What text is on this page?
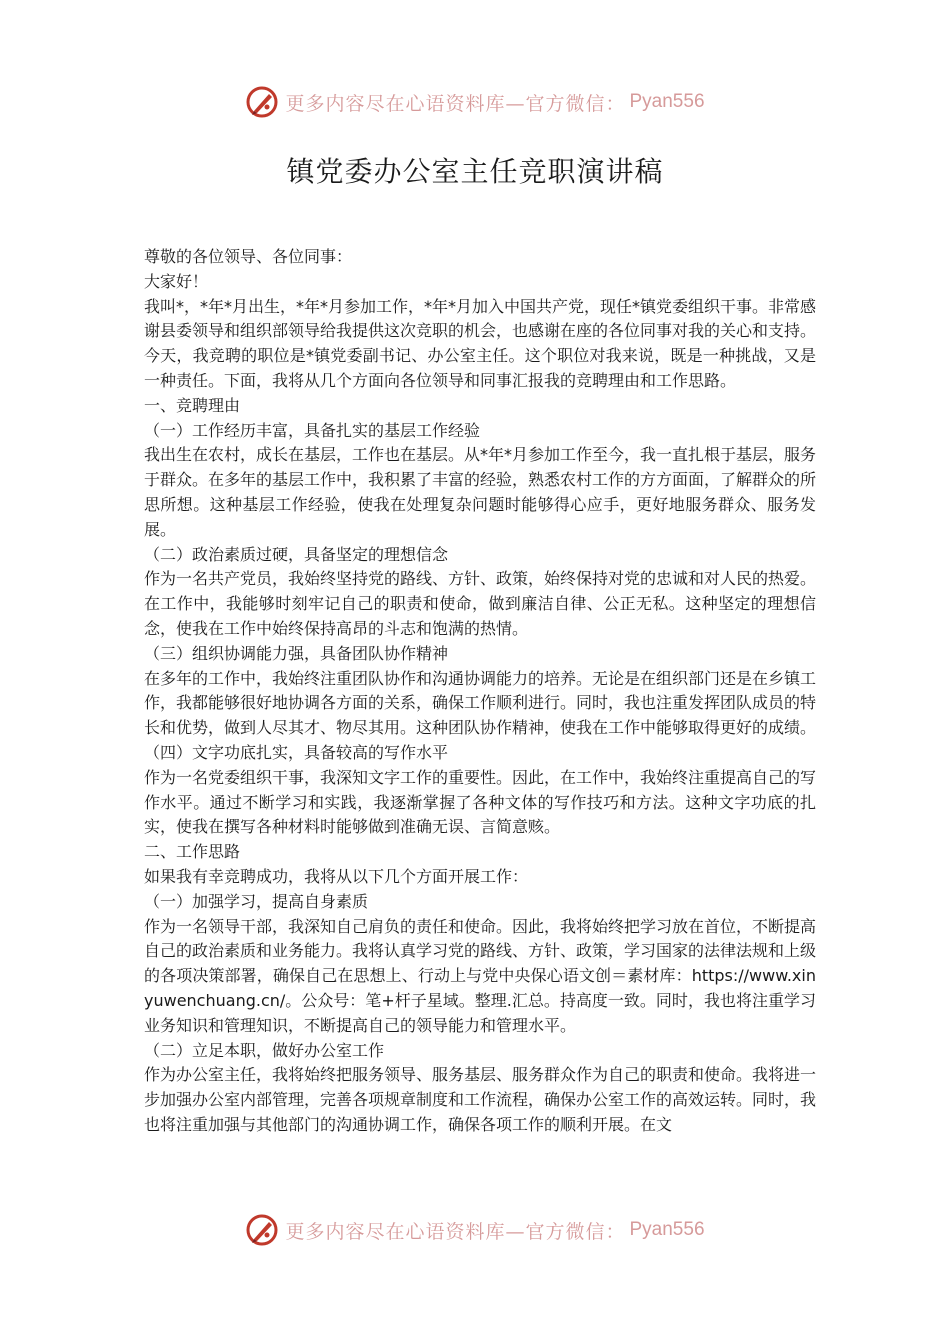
更多内容尽在心语资料库—官方微信： Pyan556
镇党委办公室主任竞职演讲稿

尊敬的各位领导、各位同事：

大家好！

我叫*，*年*月出生，*年*月参加工作，*年*月加入中国共产党，现任*镇党委组织干事。非常感谢县委领导和组织部领导给我提供这次竞职的机会，也感谢在座的各位同事对我的关心和支持。

今天，我竞聘的职位是*镇党委副书记、办公室主任。这个职位对我来说，既是一种挑战，又是一种责任。下面，我将从几个方面向各位领导和同事汇报我的竞聘理由和工作思路。

一、竞聘理由

（一）工作经历丰富，具备扎实的基层工作经验

我出生在农村，成长在基层，工作也在基层。从*年*月参加工作至今，我一直扎根于基层，服务于群众。在多年的基层工作中，我积累了丰富的经验，熟悉农村工作的方方面面，了解群众的所思所想。这种基层工作经验，使我在处理复杂问题时能够得心应手，更好地服务群众、服务发展。

（二）政治素质过硬，具备坚定的理想信念

作为一名共产党员，我始终坚持党的路线、方针、政策，始终保持对党的忠诚和对人民的热爱。在工作中，我能够时刻牢记自己的职责和使命，做到廉洁自律、公正无私。这种坚定的理想信念，使我在工作中始终保持高昂的斗志和饱满的热情。

（三）组织协调能力强，具备团队协作精神

在多年的工作中，我始终注重团队协作和沟通协调能力的培养。无论是在组织部门还是在乡镇工作，我都能够很好地协调各方面的关系，确保工作顺利进行。同时，我也注重发挥团队成员的特长和优势，做到人尽其才、物尽其用。这种团队协作精神，使我在工作中能够取得更好的成绩。

（四）文字功底扎实，具备较高的写作水平

作为一名党委组织干事，我深知文字工作的重要性。因此，在工作中，我始终注重提高自己的写作水平。通过不断学习和实践，我逐渐掌握了各种文体的写作技巧和方法。这种文字功底的扎实，使我在撰写各种材料时能够做到准确无误、言简意赅。

二、工作思路

如果我有幸竞聘成功，我将从以下几个方面开展工作：

（一）加强学习，提高自身素质

作为一名领导干部，我深知自己肩负的责任和使命。因此，我将始终把学习放在首位，不断提高自己的政治素质和业务能力。我将认真学习党的路线、方针、政策，学习国家的法律法规和上级的各项决策部署，确保自己在思想上、行动上与党中央保心语文创＝素材库：https://www.xinyuwenchuang.cn/。公众号：笔+杆子星域。整理.汇总。持高度一致。同时，我也将注重学习业务知识和管理知识，不断提高自己的领导能力和管理水平。

（二）立足本职，做好办公室工作

作为办公室主任，我将始终把服务领导、服务基层、服务群众作为自己的职责和使命。我将进一步加强办公室内部管理，完善各项规章制度和工作流程，确保办公室工作的高效运转。同时，我也将注重加强与其他部门的沟通协调工作，确保各项工作的顺利开展。在文

更多内容尽在心语资料库—官方微信： Pyan556
